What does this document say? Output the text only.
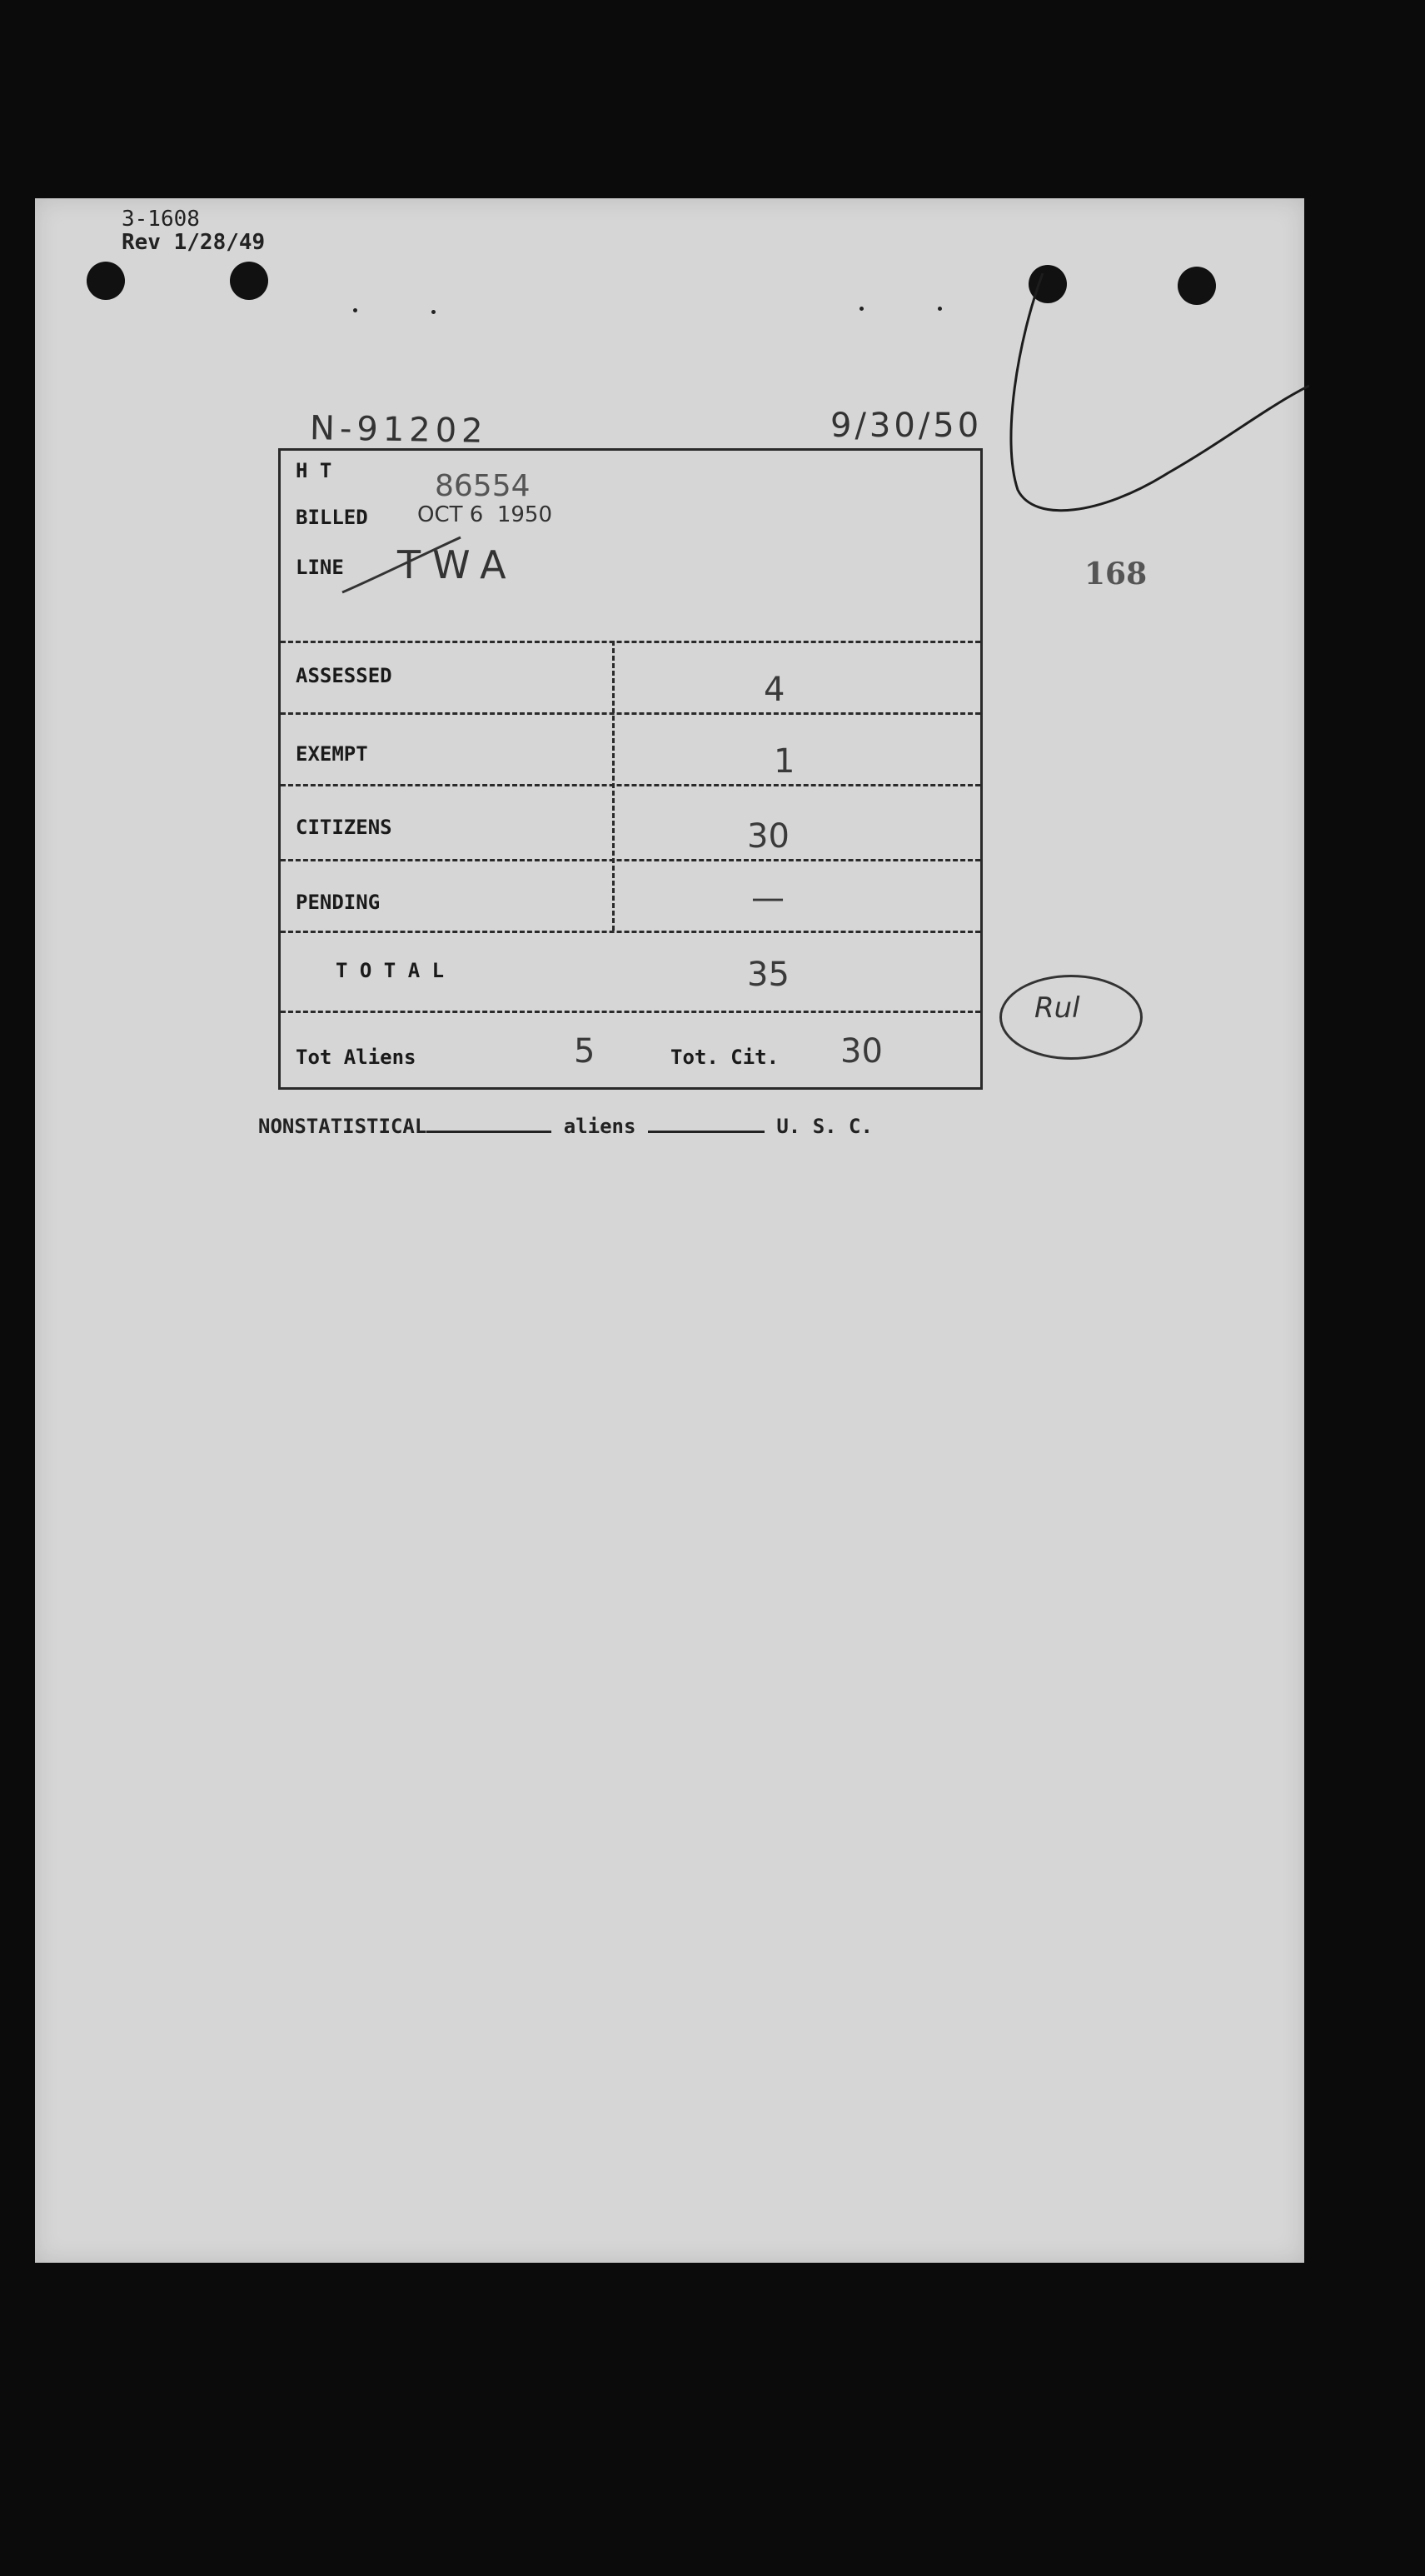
3-1608
Rev 1/28/49
N-91202	9/30/50
168
H T	86554
BILLED OCT 6  1950
LINE TWA
ASSESSED	4
EXEMPT	1
CITIZENS	30
PENDING	—
T O T A L	35
Tot Aliens	5	Tot. Cit. 30
Rul
NONSTATISTICAL	aliens	U. S. C.
